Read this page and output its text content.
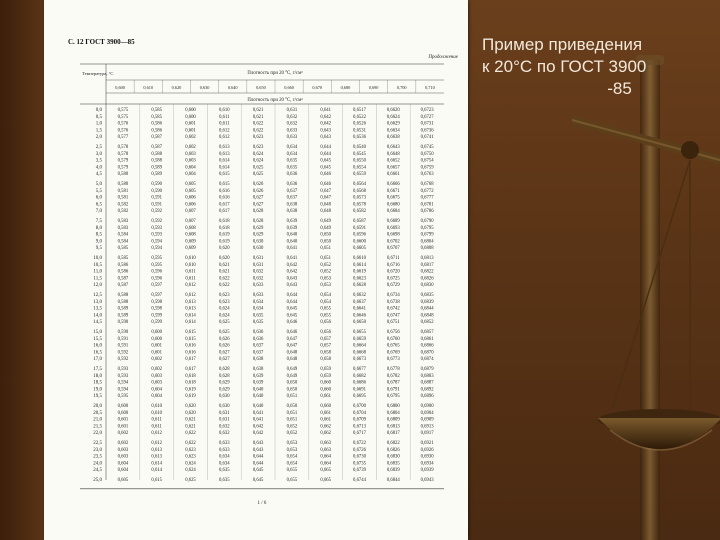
С. 12 ГОСТ 3900—85
Продолжение
Температура, °С	Плотность при 20 °С, г/см³
0,600	0,610	0,620	0,630	0,640	0,650	0,660	0,670	0,680	0,690	0,700	0,710
Плотность при 20 °С, г/см³
0,0	0,575	0,585	0,600	0,610	0,621	0,631	0,641	0,6517	0,6620	0,6723
0,5	0,575	0,585	0,600	0,611	0,621	0,632	0,642	0,6522	0,6624	0,6727
1,0	0,576	0,586	0,601	0,611	0,622	0,632	0,642	0,6526	0,6629	0,6731
1,5	0,576	0,586	0,601	0,612	0,622	0,633	0,643	0,6531	0,6634	0,6736
2,0	0,577	0,587	0,602	0,612	0,623	0,633	0,643	0,6536	0,6638	0,6741
2,5	0,578	0,587	0,602	0,613	0,623	0,634	0,644	0,6540	0,6643	0,6745
3,0	0,578	0,588	0,603	0,613	0,624	0,634	0,644	0,6545	0,6648	0,6750
3,5	0,579	0,588	0,603	0,614	0,624	0,635	0,645	0,6550	0,6652	0,6754
4,0	0,579	0,589	0,604	0,614	0,625	0,635	0,645	0,6554	0,6657	0,6759
4,5	0,580	0,589	0,604	0,615	0,625	0,636	0,646	0,6559	0,6661	0,6763
5,0	0,580	0,590	0,605	0,615	0,626	0,636	0,646	0,6564	0,6666	0,6768
5,5	0,581	0,590	0,605	0,616	0,626	0,637	0,647	0,6568	0,6671	0,6772
6,0	0,581	0,591	0,606	0,616	0,627	0,637	0,647	0,6573	0,6675	0,6777
6,5	0,582	0,591	0,606	0,617	0,627	0,638	0,648	0,6578	0,6680	0,6781
7,0	0,582	0,592	0,607	0,617	0,628	0,638	0,648	0,6582	0,6684	0,6786
7,5	0,583	0,592	0,607	0,618	0,628	0,639	0,649	0,6587	0,6689	0,6790
8,0	0,583	0,593	0,608	0,618	0,629	0,639	0,649	0,6591	0,6693	0,6795
8,5	0,584	0,593	0,608	0,619	0,629	0,640	0,650	0,6596	0,6698	0,6799
9,0	0,584	0,594	0,609	0,619	0,630	0,640	0,650	0,6600	0,6702	0,6804
9,5	0,585	0,594	0,609	0,620	0,630	0,641	0,651	0,6605	0,6707	0,6808
10,0	0,585	0,595	0,610	0,620	0,631	0,641	0,651	0,6610	0,6711	0,6813
10,5	0,586	0,595	0,610	0,621	0,631	0,642	0,652	0,6614	0,6716	0,6817
11,0	0,586	0,596	0,611	0,621	0,632	0,642	0,652	0,6619	0,6720	0,6822
11,5	0,587	0,596	0,611	0,622	0,632	0,643	0,653	0,6623	0,6725	0,6826
12,0	0,587	0,597	0,612	0,622	0,633	0,643	0,653	0,6628	0,6729	0,6830
12,5	0,588	0,597	0,612	0,623	0,633	0,644	0,654	0,6632	0,6734	0,6835
13,0	0,588	0,598	0,613	0,623	0,634	0,644	0,654	0,6637	0,6738	0,6839
13,5	0,589	0,598	0,613	0,624	0,634	0,645	0,655	0,6641	0,6742	0,6844
14,0	0,589	0,599	0,614	0,624	0,635	0,645	0,655	0,6646	0,6747	0,6848
14,5	0,590	0,599	0,614	0,625	0,635	0,646	0,656	0,6650	0,6751	0,6852
15,0	0,590	0,600	0,615	0,625	0,636	0,646	0,656	0,6655	0,6756	0,6857
15,5	0,591	0,600	0,615	0,626	0,636	0,647	0,657	0,6659	0,6760	0,6861
16,0	0,591	0,601	0,616	0,626	0,637	0,647	0,657	0,6664	0,6765	0,6866
16,5	0,592	0,601	0,616	0,627	0,637	0,648	0,658	0,6668	0,6769	0,6870
17,0	0,592	0,602	0,617	0,627	0,638	0,648	0,658	0,6673	0,6773	0,6874
17,5	0,593	0,602	0,617	0,628	0,638	0,649	0,659	0,6677	0,6778	0,6879
18,0	0,593	0,603	0,618	0,628	0,639	0,649	0,659	0,6682	0,6782	0,6883
18,5	0,594	0,603	0,618	0,629	0,639	0,650	0,660	0,6686	0,6787	0,6887
19,0	0,594	0,604	0,619	0,629	0,640	0,650	0,660	0,6691	0,6791	0,6892
19,5	0,595	0,604	0,619	0,630	0,640	0,651	0,661	0,6695	0,6795	0,6896
20,0	0,600	0,610	0,620	0,630	0,640	0,650	0,660	0,6700	0,6800	0,6900
20,5	0,600	0,610	0,620	0,631	0,641	0,651	0,661	0,6704	0,6804	0,6904
21,0	0,601	0,611	0,621	0,631	0,641	0,651	0,661	0,6709	0,6809	0,6909
21,5	0,601	0,611	0,621	0,632	0,642	0,652	0,662	0,6713	0,6813	0,6913
22,0	0,602	0,612	0,622	0,632	0,642	0,652	0,662	0,6717	0,6817	0,6917
22,5	0,602	0,612	0,622	0,633	0,643	0,653	0,663	0,6722	0,6822	0,6921
23,0	0,603	0,613	0,623	0,633	0,643	0,653	0,663	0,6726	0,6826	0,6926
23,5	0,603	0,613	0,623	0,634	0,644	0,654	0,664	0,6730	0,6830	0,6930
24,0	0,604	0,614	0,624	0,634	0,644	0,654	0,664	0,6735	0,6835	0,6934
24,5	0,604	0,614	0,624	0,635	0,645	0,655	0,665	0,6739	0,6839	0,6939
25,0	0,605	0,615	0,625	0,635	0,645	0,655	0,665	0,6744	0,6844	0,6943
1 / 6
Пример приведения
к 20°С по ГОСТ 3900
-85
